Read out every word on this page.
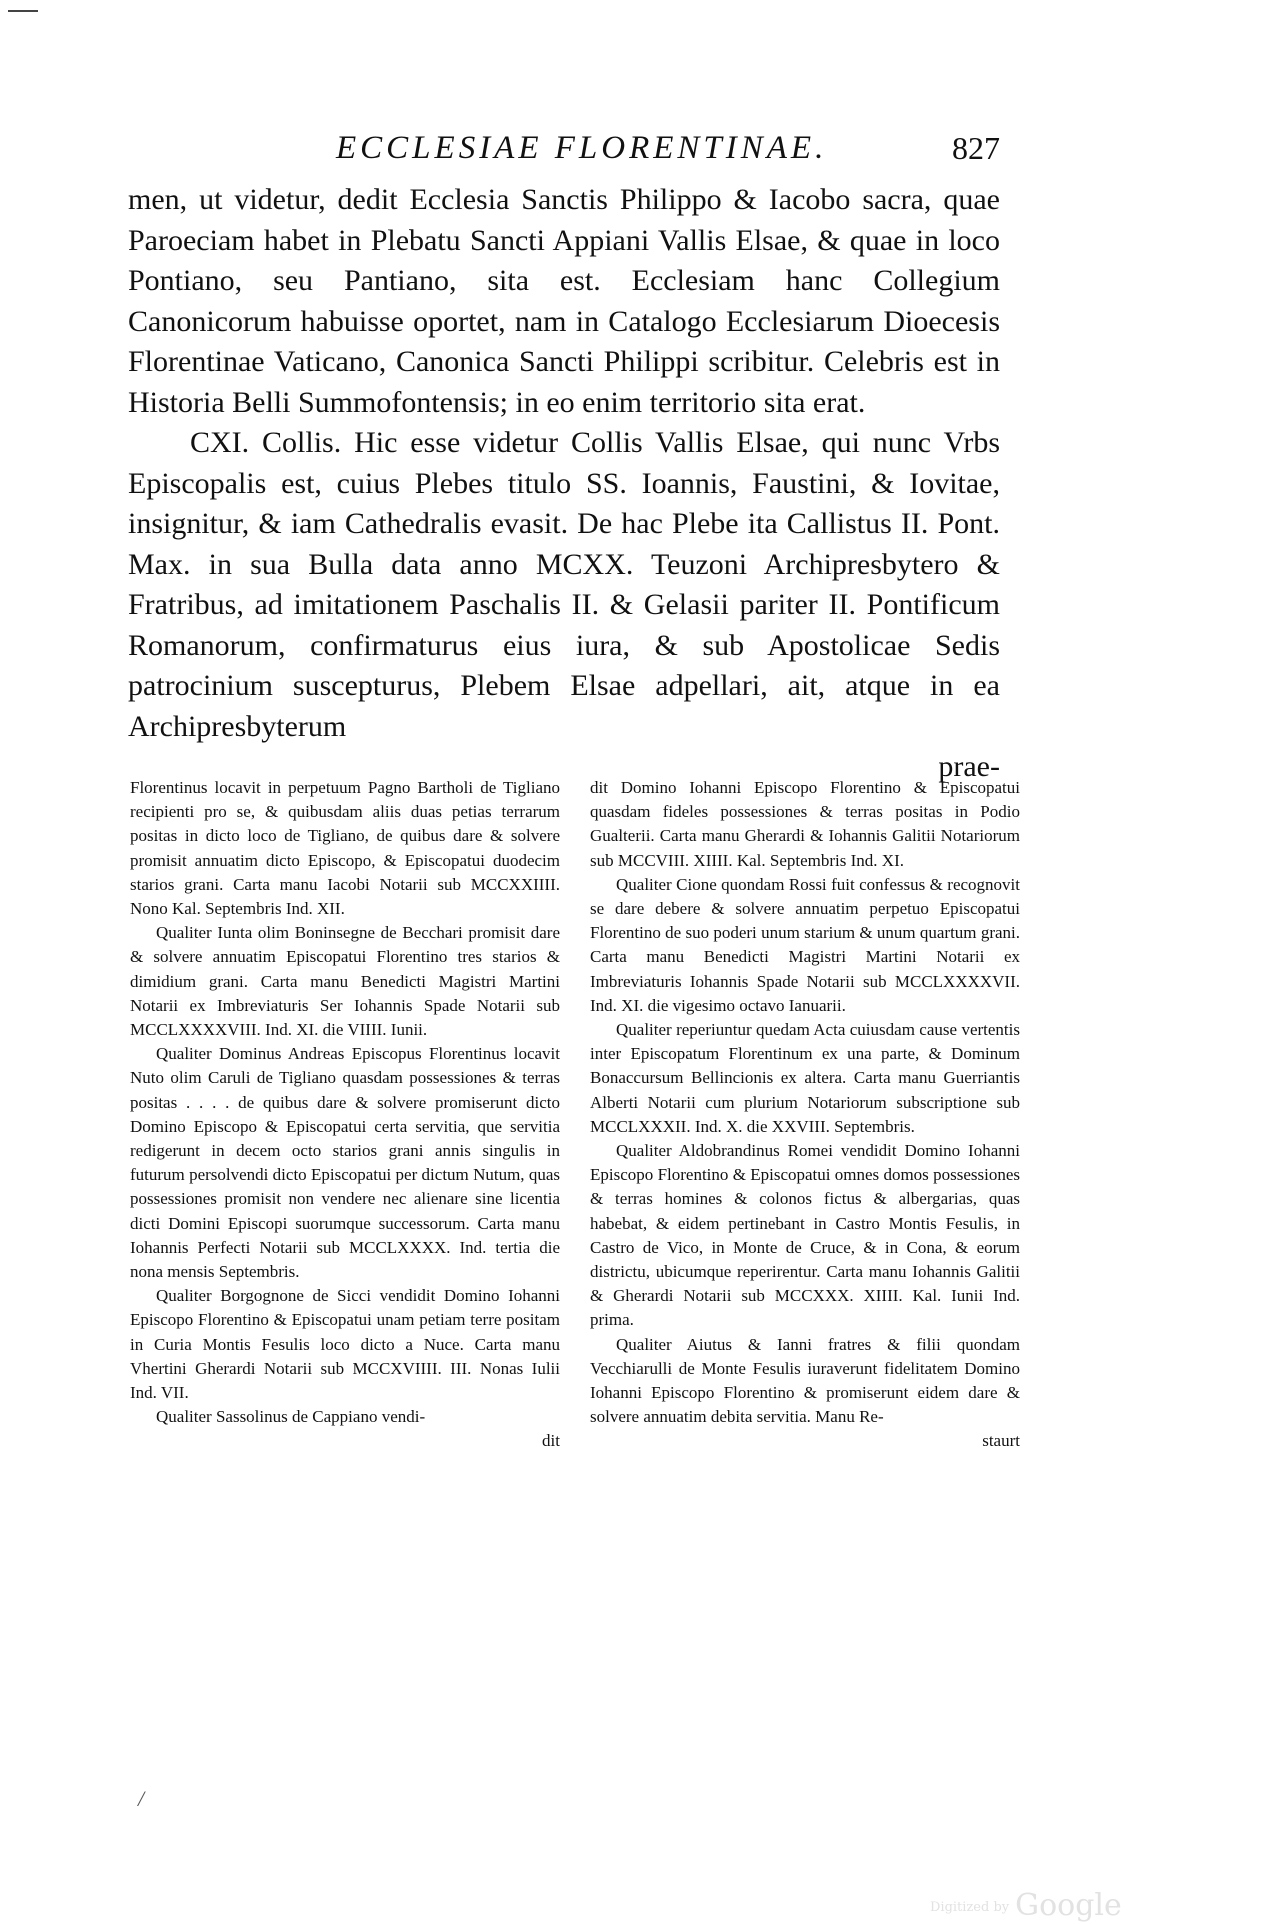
ECCLESIAE FLORENTINAE.	827

men, ut videtur, dedit Ecclesia Sanctis Philippo & Iacobo sacra, quae Paroeciam habet in Plebatu Sancti Appiani Vallis Elsae, & quae in loco Pontiano, seu Pantiano, sita est. Ecclesiam hanc Collegium Canonicorum habuisse oportet, nam in Catalogo Ecclesiarum Dioecesis Florentinae Vaticano, Canonica Sancti Philippi scribitur. Celebris est in Historia Belli Summofontensis; in eo enim territorio sita erat.

CXI. Collis. Hic esse videtur Collis Vallis Elsae, qui nunc Vrbs Episcopalis est, cuius Plebes titulo SS. Ioannis, Faustini, & Iovitae, insignitur, & iam Cathedralis evasit. De hac Plebe ita Callistus II. Pont. Max. in sua Bulla data anno MCXX. Teuzoni Archipresbytero & Fratribus, ad imitationem Paschalis II. & Gelasii pariter II. Pontificum Romanorum, confirmaturus eius iura, & sub Apostolicae Sedis patrocinium suscepturus, Plebem Elsae adpellari, ait, atque in ea Archipresbyterum

prae-

Florentinus locavit in perpetuum Pagno Bartholi de Tigliano recipienti pro se, & quibusdam aliis duas petias terrarum positas in dicto loco de Tigliano, de quibus dare & solvere promisit annuatim dicto Episcopo, & Episcopatui duodecim starios grani. Carta manu Iacobi Notarii sub MCCXXIIII. Nono Kal. Septembris Ind. XII.

Qualiter Iunta olim Boninsegne de Becchari promisit dare & solvere annuatim Episcopatui Florentino tres starios & dimidium grani. Carta manu Benedicti Magistri Martini Notarii ex Imbreviaturis Ser Iohannis Spade Notarii sub MCCLXXXXVIII. Ind. XI. die VIIII. Iunii.

Qualiter Dominus Andreas Episcopus Florentinus locavit Nuto olim Caruli de Tigliano quasdam possessiones & terras positas . . . . de quibus dare & solvere promiserunt dicto Domino Episcopo & Episcopatui certa servitia, que servitia redigerunt in decem octo starios grani annis singulis in futurum persolvendi dicto Episcopatui per dictum Nutum, quas possessiones promisit non vendere nec alienare sine licentia dicti Domini Episcopi suorumque successorum. Carta manu Iohannis Perfecti Notarii sub MCCLXXXX. Ind. tertia die nona mensis Septembris.

Qualiter Borgognone de Sicci vendidit Domino Iohanni Episcopo Florentino & Episcopatui unam petiam terre positam in Curia Montis Fesulis loco dicto a Nuce. Carta manu Vhertini Gherardi Notarii sub MCCXVIIII. III. Nonas Iulii Ind. VII.

Qualiter Sassolinus de Cappiano vendi-

dit

dit Domino Iohanni Episcopo Florentino & Episcopatui quasdam fideles possessiones & terras positas in Podio Gualterii. Carta manu Gherardi & Iohannis Galitii Notariorum sub MCCVIII. XIIII. Kal. Septembris Ind. XI.

Qualiter Cione quondam Rossi fuit confessus & recognovit se dare debere & solvere annuatim perpetuo Episcopatui Florentino de suo poderi unum starium & unum quartum grani. Carta manu Benedicti Magistri Martini Notarii ex Imbreviaturis Iohannis Spade Notarii sub MCCLXXXXVII. Ind. XI. die vigesimo octavo Ianuarii.

Qualiter reperiuntur quedam Acta cuiusdam cause vertentis inter Episcopatum Florentinum ex una parte, & Dominum Bonaccursum Bellincionis ex altera. Carta manu Guerriantis Alberti Notarii cum plurium Notariorum subscriptione sub MCCLXXXII. Ind. X. die XXVIII. Septembris.

Qualiter Aldobrandinus Romei vendidit Domino Iohanni Episcopo Florentino & Episcopatui omnes domos possessiones & terras homines & colonos fictus & albergarias, quas habebat, & eidem pertinebant in Castro Montis Fesulis, in Castro de Vico, in Monte de Cruce, & in Cona, & eorum districtu, ubicumque reperirentur. Carta manu Iohannis Galitii & Gherardi Notarii sub MCCXXX. XIIII. Kal. Iunii Ind. prima.

Qualiter Aiutus & Ianni fratres & filii quondam Vecchiarulli de Monte Fesulis iuraverunt fidelitatem Domino Iohanni Episcopo Florentino & promiserunt eidem dare & solvere annuatim debita servitia. Manu Re-

staurt

/
Digitized by Google
